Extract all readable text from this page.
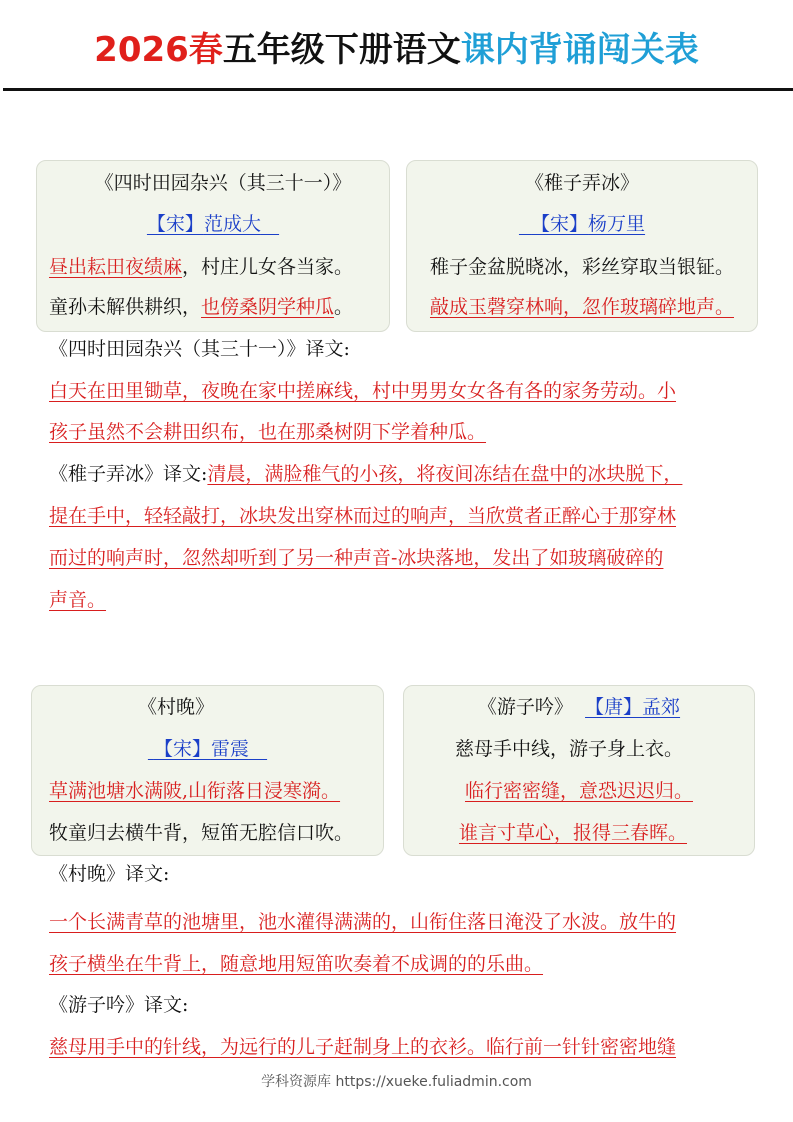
2026春五年级下册语文课内背诵闯关表
《四时田园杂兴（其三十一）》
【宋】范成大
昼出耘田夜绩麻，村庄儿女各当家。
童孙未解供耕织，也傍桑阴学种瓜。
《稚子弄冰》
【宋】杨万里
稚子金盆脱晓冰，彩丝穿取当银钲。
敲成玉磬穿林响，忽作玻璃碎地声。
《四时田园杂兴（其三十一）》译文:
白天在田里锄草，夜晚在家中搓麻线，村中男男女女各有各的家务劳动。小
孩子虽然不会耕田织布，也在那桑树阴下学着种瓜。
《稚子弄冰》译文:清晨，满脸稚气的小孩，将夜间冻结在盘中的冰块脱下，
提在手中，轻轻敲打，冰块发出穿林而过的响声，当欣赏者正醉心于那穿林
而过的响声时，忽然却听到了另一种声音-冰块落地，发出了如玻璃破碎的
声音。
《村晚》
【宋】雷震
草满池塘水满陂,山衔落日浸寒漪。
牧童归去横牛背，短笛无腔信口吹。
《游子吟》 【唐】孟郊
慈母手中线，游子身上衣。
临行密密缝，意恐迟迟归。
谁言寸草心，报得三春晖。
《村晚》译文:
一个长满青草的池塘里，池水灌得满满的，山衔住落日淹没了水波。放牛的
孩子横坐在牛背上，随意地用短笛吹奏着不成调的的乐曲。
《游子吟》译文:
慈母用手中的针线，为远行的儿子赶制身上的衣衫。临行前一针针密密地缝
学科资源库 https://xueke.fuliadmin.com
